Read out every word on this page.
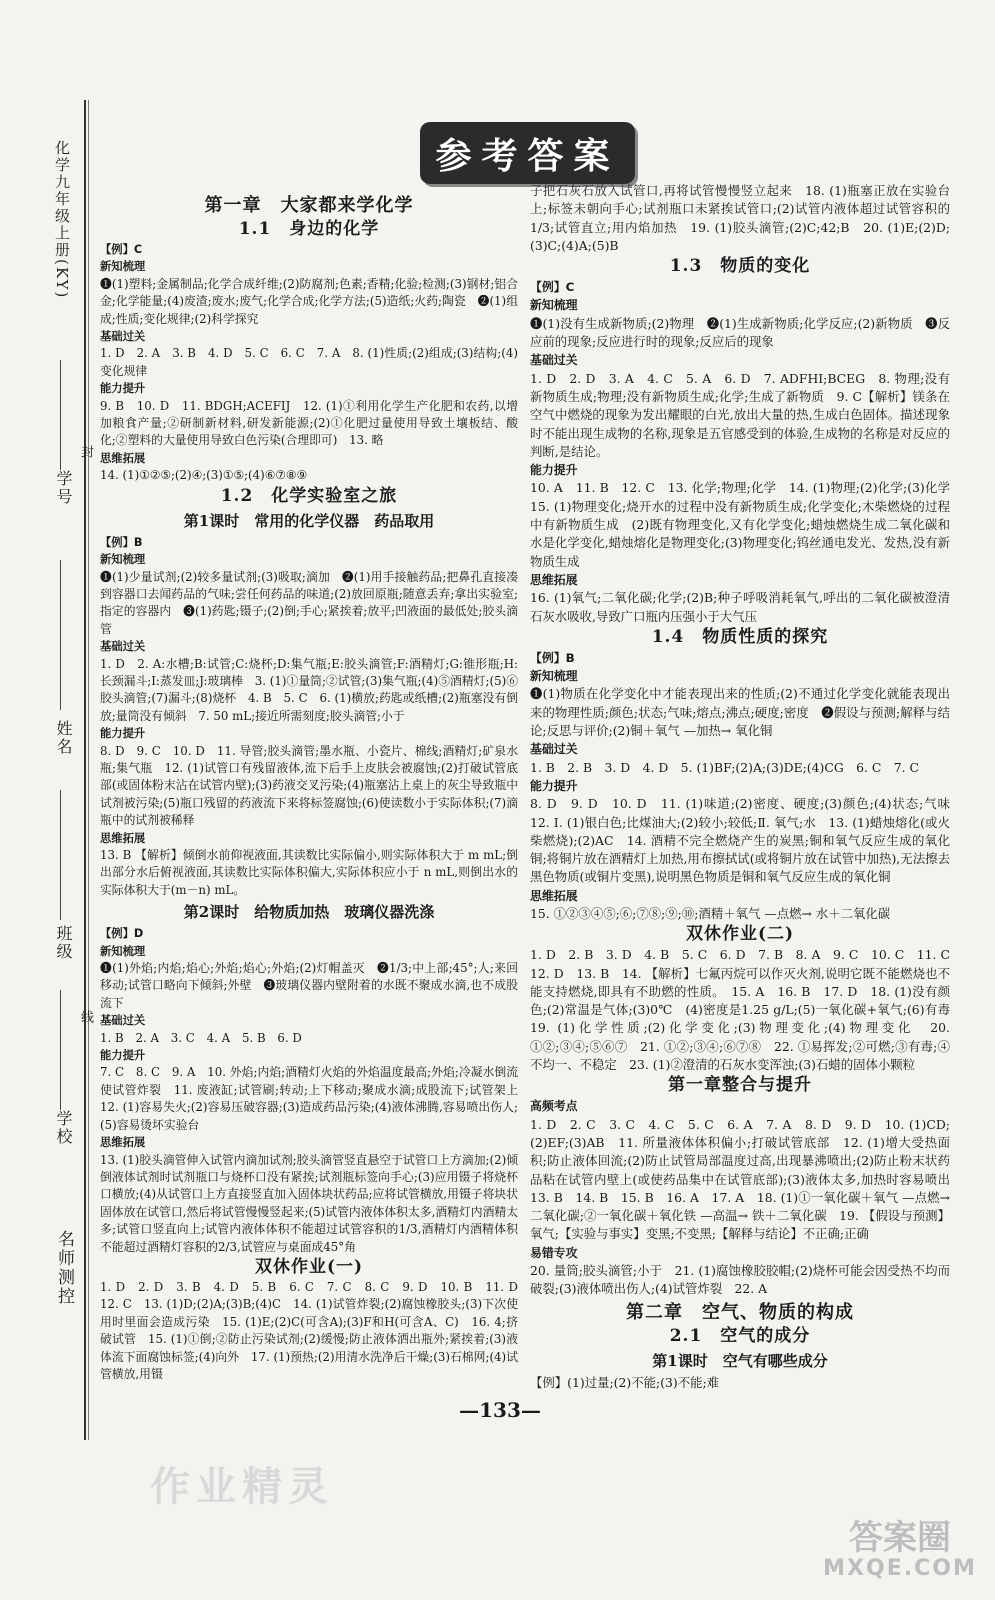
化学九年级上册(KY)
学号
封
姓名
班级
线
学校
名师测控
参考答案
第一章　大家都来学化学
1.1　身边的化学
【例】C
新知梳理
❶(1)塑料;金属制品;化学合成纤维;(2)防腐剂;色素;香精;化验;检测;(3)钢材;铝合金;化学能量;(4)废渣;废水;废气;化学合成;化学方法;(5)造纸;火药;陶瓷　❷(1)组成;性质;变化规律;(2)科学探究
基础过关
1. D　2. A　3. B　4. D　5. C　6. C　7. A　8. (1)性质;(2)组成;(3)结构;(4)变化规律
能力提升
9. B　10. D　11. BDGH;ACEFIJ　12. (1)①利用化学生产化肥和农药,以增加粮食产量;②研制新材料,研发新能源;(2)①化肥过量使用导致土壤板结、酸化;②塑料的大量使用导致白色污染(合理即可)　13. 略
思维拓展
14. (1)①②⑤;(2)④;(3)①⑤;(4)⑥⑦⑧⑨
1.2　化学实验室之旅
第1课时　常用的化学仪器　药品取用
【例】B
新知梳理
❶(1)少量试剂;(2)较多量试剂;(3)吸取;滴加　❷(1)用手接触药品;把鼻孔直接凑到容器口去闻药品的气味;尝任何药品的味道;(2)放回原瓶;随意丢弃;拿出实验室;指定的容器内　❸(1)药匙;镊子;(2)倒;手心;紧挨着;放平;凹液面的最低处;胶头滴管
基础过关
1. D　2. A:水槽;B:试管;C:烧杯;D:集气瓶;E:胶头滴管;F:酒精灯;G:锥形瓶;H:长颈漏斗;I:蒸发皿;J:玻璃棒　3. (1)①量筒;②试管;(3)集气瓶;(4)⑤酒精灯;(5)⑥胶头滴管;(7)漏斗;(8)烧杯　4. B　5. C　6. (1)横放;药匙或纸槽;(2)瓶塞没有倒放;量筒没有倾斜　7. 50 mL;接近所需刻度;胶头滴管;小于
能力提升
8. D　9. C　10. D　11. 导管;胶头滴管;墨水瓶、小瓷片、棉线;酒精灯;矿泉水瓶;集气瓶　12. (1)试管口有残留液体,流下后手上皮肤会被腐蚀;(2)打破试管底部(或固体粉末沾在试管内壁);(3)药液交叉污染;(4)瓶塞沾上桌上的灰尘导致瓶中试剂被污染;(5)瓶口残留的药液流下来将标签腐蚀;(6)使读数小于实际体积;(7)滴瓶中的试剂被稀释
思维拓展
13. B 【解析】倾倒水前仰视液面,其读数比实际偏小,则实际体积大于 m mL;倒出部分水后俯视液面,其读数比实际体积偏大,实际体积应小于 n mL,则倒出水的实际体积大于(m－n) mL。
第2课时　给物质加热　玻璃仪器洗涤
【例】D
新知梳理
❶(1)外焰;内焰;焰心;外焰;焰心;外焰;(2)灯帽盖灭　❷1/3;中上部;45°;人;来回移动;试管口略向下倾斜;外壁　❸玻璃仪器内壁附着的水既不聚成水滴,也不成股流下
基础过关
1. B　2. A　3. C　4. A　5. B　6. D
能力提升
7. C　8. C　9. A　10. 外焰;内焰;酒精灯火焰的外焰温度最高;外焰;冷凝水倒流使试管炸裂　11. 废液缸;试管刷;转动;上下移动;聚成水滴;成股流下;试管架上　12. (1)容易失火;(2)容易压破容器;(3)造成药品污染;(4)液体沸腾,容易喷出伤人;(5)容易烫坏实验台
思维拓展
13. (1)胶头滴管伸入试管内滴加试剂;胶头滴管竖直悬空于试管口上方滴加;(2)倾倒液体试剂时试剂瓶口与烧杯口没有紧挨;试剂瓶标签向手心;(3)应用镊子将烧杯口横放;(4)从试管口上方直接竖直加入固体块状药品;应将试管横放,用镊子将块状固体放在试管口,然后将试管慢慢竖起来;(5)试管内液体体积太多,酒精灯内酒精太多;试管口竖直向上;试管内液体体积不能超过试管容积的1/3,酒精灯内酒精体积不能超过酒精灯容积的2/3,试管应与桌面成45°角
双休作业(一)
1. D　2. D　3. B　4. D　5. B　6. C　7. C　8. C　9. D　10. B　11. D　12. C　13. (1)D;(2)A;(3)B;(4)C　14. (1)试管炸裂;(2)腐蚀橡胶头;(3)下次使用时里面会造成污染　15. (1)E;(2)C(可含A);(3)F和H(可含A、C)　16. 4;挤破试管　15. (1)①倒;②防止污染试剂;(2)缓慢;防止液体洒出瓶外;紧挨着;(3)液体流下面腐蚀标签;(4)向外　17. (1)预热;(2)用清水洗净后干燥;(3)石棉网;(4)试管横放,用镊
子把石灰石放入试管口,再将试管慢慢竖立起来　18. (1)瓶塞正放在实验台上;标签未朝向手心;试剂瓶口未紧挨试管口;(2)试管内液体超过试管容积的1/3;试管直立;用内焰加热　19. (1)胶头滴管;(2)C;42;B　20. (1)E;(2)D;(3)C;(4)A;(5)B
1.3　物质的变化
【例】C
新知梳理
❶(1)没有生成新物质;(2)物理　❷(1)生成新物质;化学反应;(2)新物质　❸反应前的现象;反应进行时的现象;反应后的现象
基础过关
1. D　2. D　3. A　4. C　5. A　6. D　7. ADFHI;BCEG　8. 物理;没有新物质生成;物理;没有新物质生成;化学;生成了新物质　9. C【解析】镁条在空气中燃烧的现象为发出耀眼的白光,放出大量的热,生成白色固体。描述现象时不能出现生成物的名称,现象是五官感受到的体验,生成物的名称是对反应的判断,是结论。
能力提升
10. A　11. B　12. C　13. 化学;物理;化学　14. (1)物理;(2)化学;(3)化学　15. (1)物理变化;烧开水的过程中没有新物质生成;化学变化;木柴燃烧的过程中有新物质生成　(2)既有物理变化,又有化学变化;蜡烛燃烧生成二氧化碳和水是化学变化,蜡烛熔化是物理变化;(3)物理变化;钨丝通电发光、发热,没有新物质生成
思维拓展
16. (1)氧气;二氧化碳;化学;(2)B;种子呼吸消耗氧气,呼出的二氧化碳被澄清石灰水吸收,导致广口瓶内压强小于大气压
1.4　物质性质的探究
【例】B
新知梳理
❶(1)物质在化学变化中才能表现出来的性质;(2)不通过化学变化就能表现出来的物理性质;颜色;状态;气味;熔点;沸点;硬度;密度　❷假设与预测;解释与结论;反思与评价;(2)铜＋氧气 —加热→ 氧化铜
基础过关
1. B　2. B　3. D　4. D　5. (1)BF;(2)A;(3)DE;(4)CG　6. C　7. C
能力提升
8. D　9. D　10. D　11. (1)味道;(2)密度、硬度;(3)颜色;(4)状态;气味　12. Ⅰ. (1)银白色;比煤油大;(2)较小;较低;Ⅱ. 氧气;水　13. (1)蜡烛熔化(或火柴燃烧);(2)AC　14. 酒精不完全燃烧产生的炭黑;铜和氧气反应生成的氧化铜;将铜片放在酒精灯上加热,用布擦拭试(或将铜片放在试管中加热),无法擦去黑色物质(或铜片变黑),说明黑色物质是铜和氧气反应生成的氧化铜
思维拓展
15. ①②③④⑤;⑥;⑦⑧;⑨;⑩;酒精＋氧气 —点燃→ 水＋二氧化碳
双休作业(二)
1. D　2. B　3. D　4. B　5. C　6. D　7. B　8. A　9. C　10. C　11. C　12. D　13. B　14. 【解析】七氟丙烷可以作灭火剂,说明它既不能燃烧也不能支持燃烧,即具有不助燃的性质。　15. A　16. B　17. D　18. (1)没有颜色;(2)常温是气体;(3)0℃　(4)密度是1.25 g/L;(5)一氧化碳+氧气;(6)有毒　19. (1)化学性质;(2)化学变化;(3)物理变化;(4)物理变化　20. ①②;③④;⑤⑥⑦　21. ①②;③④;⑥⑦⑧　22. ①易挥发;②可燃;③有毒;④不均一、不稳定　23. (1)②澄清的石灰水变浑浊;(3)石蜡的固体小颗粒
第一章整合与提升
高频考点
1. D　2. C　3. C　4. C　5. C　6. A　7. A　8. D　9. D　10. (1)CD;(2)EF;(3)AB　11. 所量液体体积偏小;打破试管底部　12. (1)增大受热面积;防止液体回流;(2)防止试管局部温度过高,出现暴沸喷出;(2)防止粉末状药品粘在试管内壁上(或使药品集中在试管底部);(3)液体太多,加热时容易喷出　13. B　14. B　15. B　16. A　17. A　18. (1)①一氧化碳＋氧气 —点燃→ 二氧化碳;②一氧化碳＋氧化铁 —高温→ 铁＋二氧化碳　19. 【假设与预测】氧气;【实验与事实】变黑;不变黑;【解释与结论】不正确;正确
易错专攻
20. 量筒;胶头滴管;小于　21. (1)腐蚀橡胶胶帽;(2)烧杯可能会因受热不均而破裂;(3)液体喷出伤人;(4)试管炸裂　22. A
第二章　空气、物质的构成
2.1　空气的成分
第1课时　空气有哪些成分
【例】(1)过量;(2)不能;(3)不能;难
—133—
作业精灵
答案圈
MXQE.COM
